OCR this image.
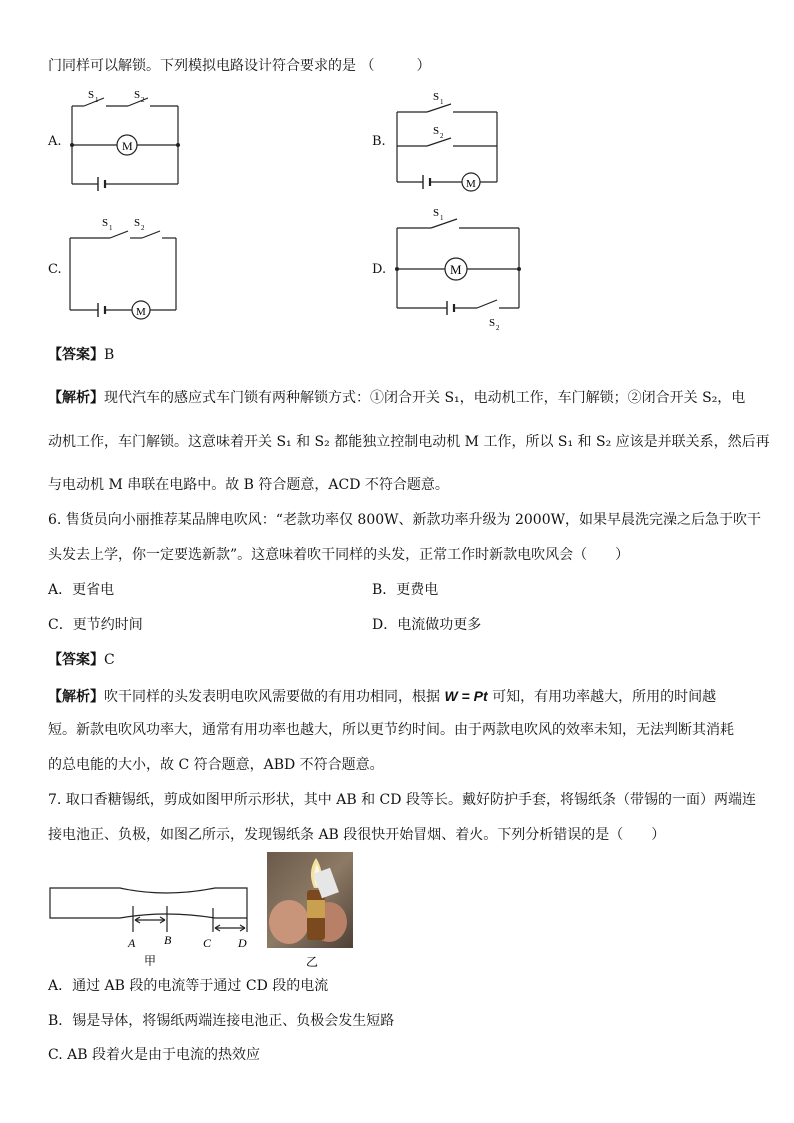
门同样可以解锁。下列模拟电路设计符合要求的是 （　　　）
A.	M
S 1	S 2
B.
M
S 1
S 2
C.
M
S 1 S 2
D.	M
S 1
S 2
【答案】B
【解析】现代汽车的感应式车门锁有两种解锁方式：①闭合开关 S₁，电动机工作，车门解锁；②闭合开关 S₂，电
动机工作，车门解锁。这意味着开关 S₁ 和 S₂ 都能独立控制电动机 M 工作，所以 S₁ 和 S₂ 应该是并联关系，然后再
与电动机 M 串联在电路中。故 B 符合题意，ACD 不符合题意。
6. 售货员向小丽推荐某品牌电吹风：“老款功率仅 800W、新款功率升级为 2000W，如果早晨洗完澡之后急于吹干
头发去上学，你一定要选新款”。这意味着吹干同样的头发，正常工作时新款电吹风会（　　）
A．更省电	B．更费电
C．更节约时间	D．电流做功更多
【答案】C
【解析】吹干同样的头发表明电吹风需要做的有用功相同，根据 W = Pt 可知，有用功率越大，所用的时间越
短。新款电吹风功率大，通常有用功率也越大，所以更节约时间。由于两款电吹风的效率未知，无法判断其消耗
的总电能的大小，故 C 符合题意，ABD 不符合题意。
7. 取口香糖锡纸，剪成如图甲所示形状，其中 AB 和 CD 段等长。戴好防护手套，将锡纸条（带锡的一面）两端连
接电池正、负极，如图乙所示，发现锡纸条 AB 段很快开始冒烟、着火。下列分析错误的是（　　）
A B	C D
甲	乙
A．通过 AB 段的电流等于通过 CD 段的电流
B．锡是导体，将锡纸两端连接电池正、负极会发生短路
C. AB 段着火是由于电流的热效应
